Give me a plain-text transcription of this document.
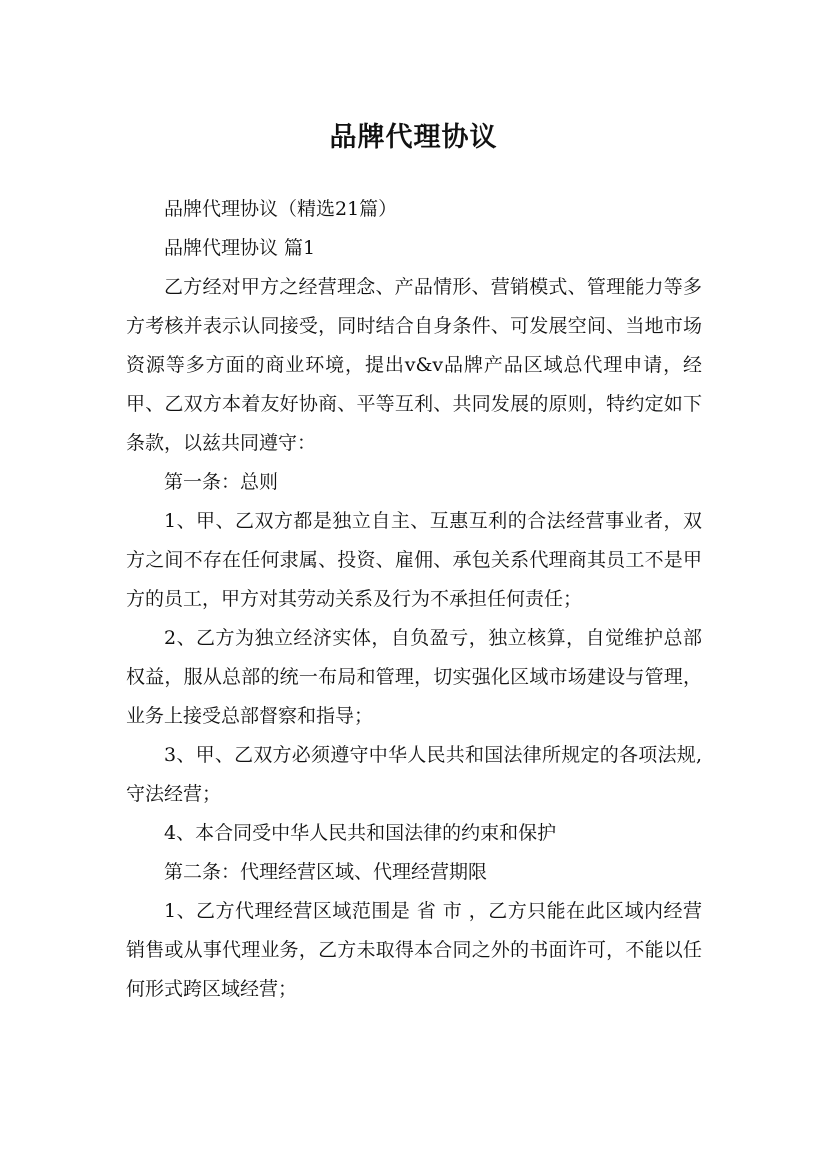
品牌代理协议

品牌代理协议（精选21篇）

品牌代理协议 篇1

乙方经对甲方之经营理念、产品情形、营销模式、管理能力等多方考核并表示认同接受，同时结合自身条件、可发展空间、当地市场资源等多方面的商业环境，提出v&v品牌产品区域总代理申请，经甲、乙双方本着友好协商、平等互利、共同发展的原则，特约定如下条款，以兹共同遵守：

第一条：总则

1、甲、乙双方都是独立自主、互惠互利的合法经营事业者，双方之间不存在任何隶属、投资、雇佣、承包关系代理商其员工不是甲方的员工，甲方对其劳动关系及行为不承担任何责任；

2、乙方为独立经济实体，自负盈亏，独立核算，自觉维护总部权益，服从总部的统一布局和管理，切实强化区域市场建设与管理，业务上接受总部督察和指导；

3、甲、乙双方必须遵守中华人民共和国法律所规定的各项法规,守法经营；

4、本合同受中华人民共和国法律的约束和保护

第二条：代理经营区域、代理经营期限

1、乙方代理经营区域范围是 省 市 ，乙方只能在此区域内经营销售或从事代理业务，乙方未取得本合同之外的书面许可，不能以任何形式跨区域经营；
